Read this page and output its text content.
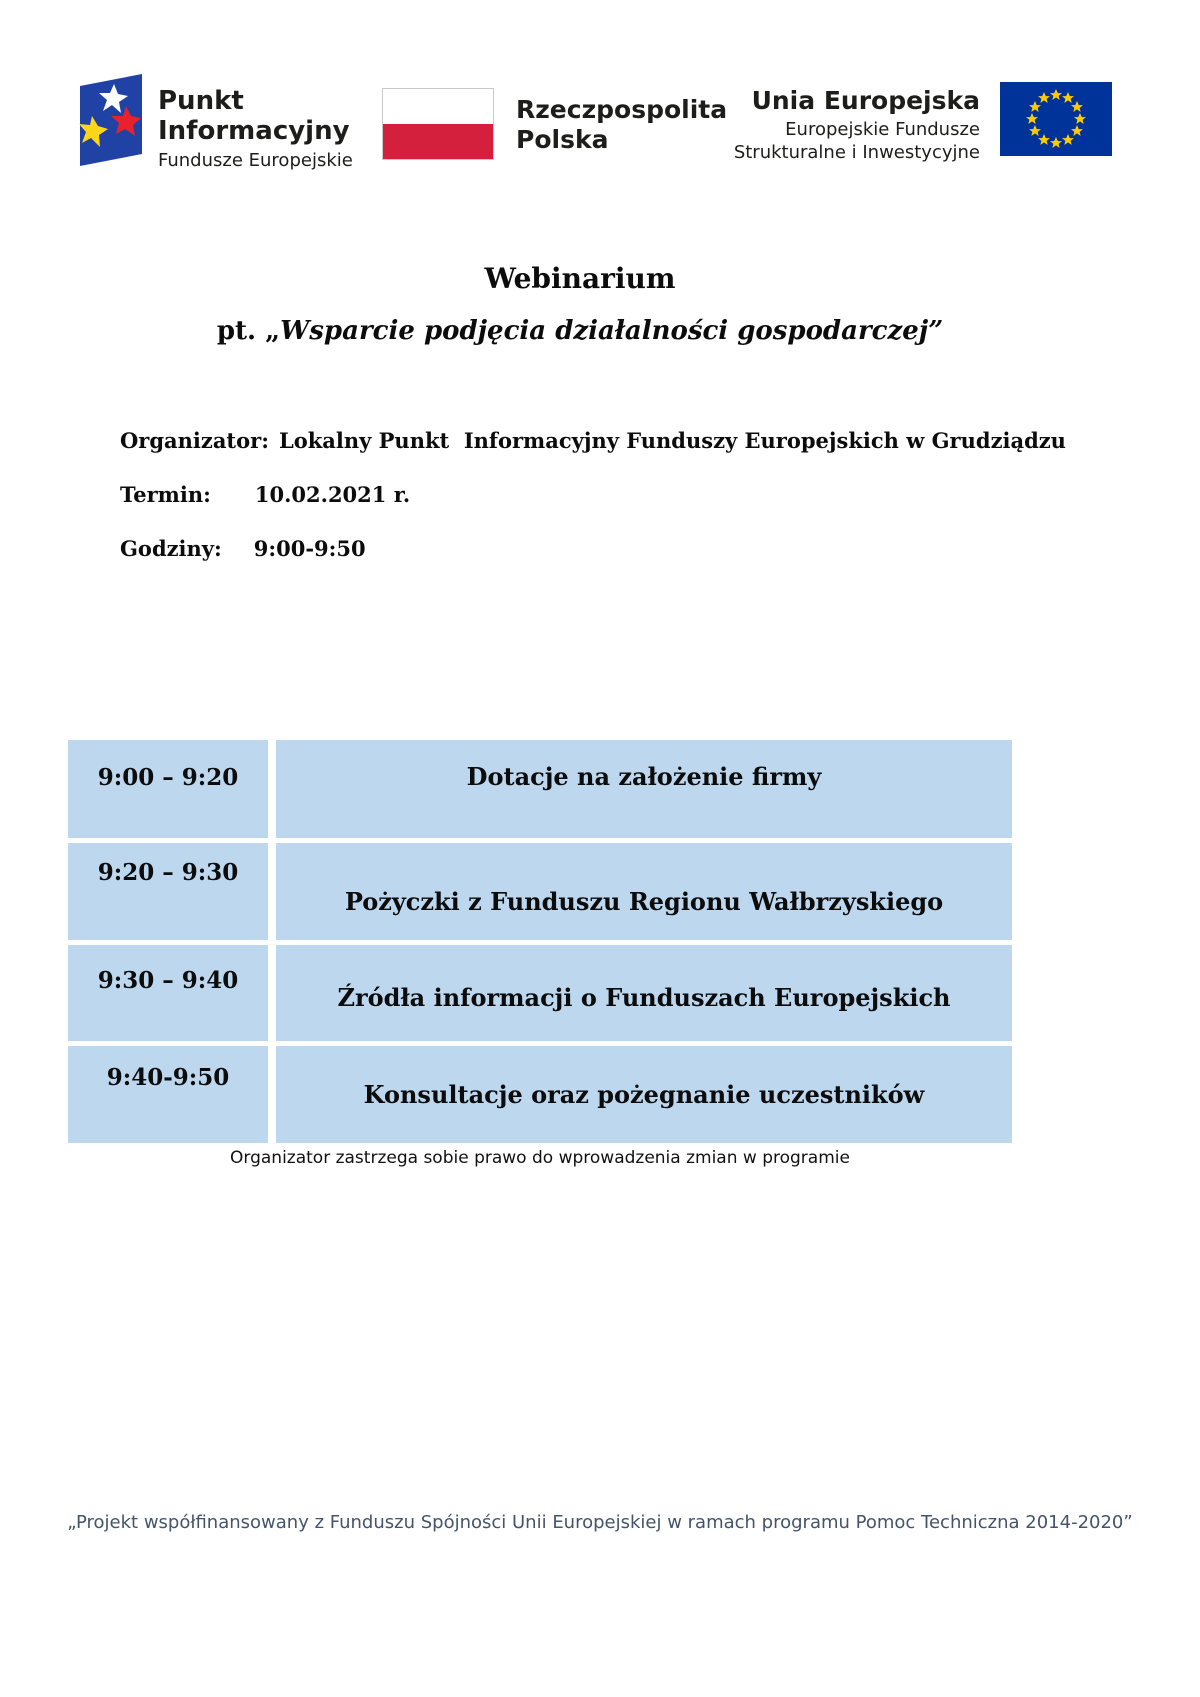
Punkt
Informacyjny
Fundusze Europejskie
Rzeczpospolita
Polska
Unia Europejska
Europejskie Fundusze
Strukturalne i Inwestycyjne
Webinarium
pt. „Wsparcie podjęcia działalności gospodarczej”
Organizator: Lokalny Punkt  Informacyjny Funduszy Europejskich w Grudziądzu
Termin: 10.02.2021 r.
Godziny: 9:00-9:50
9:00 – 9:20	Dotacje na założenie firmy
9:20 – 9:30
Pożyczki z Funduszu Regionu Wałbrzyskiego
9:30 – 9:40
Źródła informacji o Funduszach Europejskich
9:40-9:50
Konsultacje oraz pożegnanie uczestników
Organizator zastrzega sobie prawo do wprowadzenia zmian w programie
„Projekt współfinansowany z Funduszu Spójności Unii Europejskiej w ramach programu Pomoc Techniczna 2014-2020”
